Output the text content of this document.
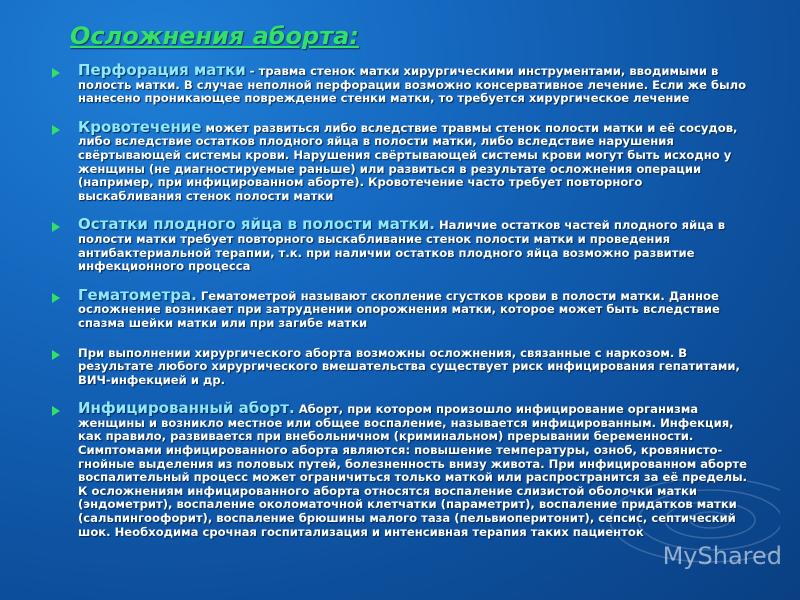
Осложнения аборта:

Перфорация матки - травма стенок матки хирургическими инструментами, вводимыми в полость матки. В случае неполной перфорации возможно консервативное лечение. Если же было нанесено проникающее повреждение стенки матки, то требуется хирургическое лечение

Кровотечение может развиться либо вследствие травмы стенок полости матки и её сосудов, либо вследствие остатков плодного яйца в полости матки, либо вследствие нарушения свёртывающей системы крови. Нарушения свёртывающей системы крови могут быть исходно у женщины (не диагностируемые раньше) или развиться в результате осложнения операции (например, при инфицированном аборте). Кровотечение часто требует повторного выскабливания стенок полости матки

Остатки плодного яйца в полости матки. Наличие остатков частей плодного яйца в полости матки требует повторного выскабливание стенок полости матки и проведения антибактериальной терапии, т.к. при наличии остатков плодного яйца возможно развитие инфекционного процесса

Гематометра. Гематометрой называют скопление сгустков крови в полости матки. Данное осложнение возникает при затруднении опорожнения матки, которое может быть вследствие спазма шейки матки или при загибе матки

При выполнении хирургического аборта возможны осложнения, связанные с наркозом. В результате любого хирургического вмешательства существует риск инфицирования гепатитами, ВИЧ-инфекцией и др.

Инфицированный аборт. Аборт, при котором произошло инфицирование организма женщины и возникло местное или общее воспаление, называется инфицированным. Инфекция, как правило, развивается при внебольничном (криминальном) прерывании беременности. Симптомами инфицированного аборта являются: повышение температуры, озноб, кровянисто-гнойные выделения из половых путей, болезненность внизу живота. При инфицированном аборте воспалительный процесс может ограничиться только маткой или распространится за её пределы. К осложнениям инфицированного аборта относятся воспаление слизистой оболочки матки (эндометрит), воспаление околоматочной клетчатки (параметрит), воспаление придатков матки (сальпингоофорит), воспаление брюшины малого таза (пельвиоперитонит), сепсис, септический шок. Необходима срочная госпитализация и интенсивная терапия таких пациенток

MyShared
